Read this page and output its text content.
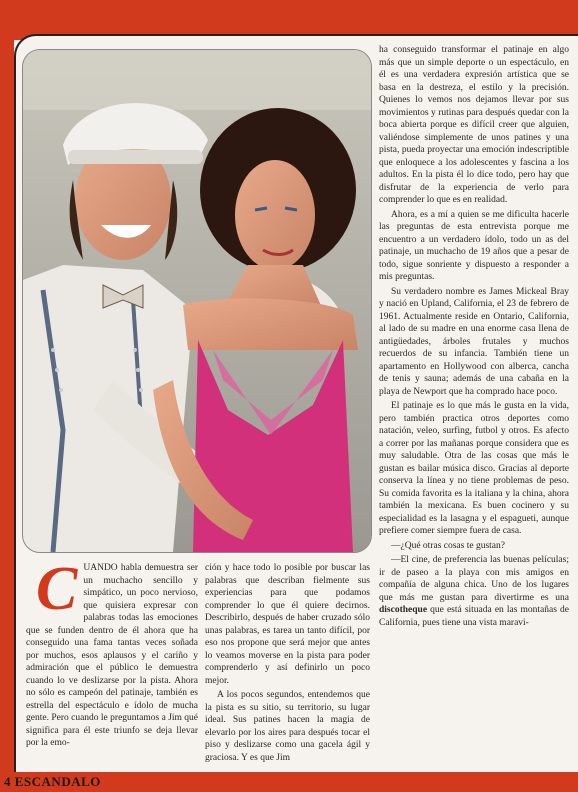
C UANDO habla demuestra ser un muchacho sencillo y simpático, un poco nervioso, que quisiera expresar con palabras todas las emociones que se funden dentro de él ahora que ha conseguido una fama tantas veces soñada por muchos, esos aplausos y el cariño y admiración que el público le demuestra cuando lo ve deslizarse por la pista. Ahora no sólo es campeón del patinaje, también es estrella del espectáculo e ídolo de mucha gente. Pero cuando le preguntamos a Jim qué significa para él este triunfo se deja llevar por la emo-

ción y hace todo lo posible por buscar las palabras que describan fielmente sus experiencias para que podamos comprender lo que él quiere decirnos. Describirlo, después de haber cruzado sólo unas palabras, es tarea un tanto difícil, por eso nos propone que será mejor que antes lo veamos moverse en la pista para poder comprenderlo y así definirlo un poco mejor.

A los pocos segundos, entendemos que la pista es su sitio, su territorio, su lugar ideal. Sus patines hacen la magia de elevarlo por los aires para después tocar el piso y deslizarse como una gacela ágil y graciosa. Y es que Jim

ha conseguido transformar el patinaje en algo más que un simple deporte o un espectáculo, en él es una verdadera expresión artística que se basa en la destreza, el estilo y la precisión. Quienes lo vemos nos dejamos llevar por sus movimientos y rutinas para después quedar con la boca abierta porque es difícil creer que alguien, valiéndose simplemente de unos patines y una pista, pueda proyectar una emoción indescriptible que enloquece a los adolescentes y fascina a los adultos. En la pista él lo dice todo, pero hay que disfrutar de la experiencia de verlo para comprender lo que es en realidad.

Ahora, es a mí a quien se me dificulta hacerle las preguntas de esta entrevista porque me encuentro a un verdadero ídolo, todo un as del patinaje, un muchacho de 19 años que a pesar de todo, sigue sonriente y dispuesto a responder a mis preguntas.

Su verdadero nombre es James Mickeal Bray y nació en Upland, California, el 23 de febrero de 1961. Actualmente reside en Ontario, California, al lado de su madre en una enorme casa llena de antigüedades, árboles frutales y muchos recuerdos de su infancia. También tiene un apartamento en Hollywood con alberca, cancha de tenis y sauna; además de una cabaña en la playa de Newport que ha comprado hace poco.

El patinaje es lo que más le gusta en la vida, pero también practica otros deportes como natación, veleo, surfing, futbol y otros. Es afecto a correr por las mañanas porque considera que es muy saludable. Otra de las cosas que más le gustan es bailar música disco. Gracias al deporte conserva la línea y no tiene problemas de peso. Su comida favorita es la italiana y la china, ahora también la mexicana. Es buen cocinero y su especialidad es la lasagna y el espagueti, aunque prefiere comer siempre fuera de casa.

—¿Qué otras cosas te gustan?

—El cine, de preferencia las buenas películas; ir de paseo a la playa con mis amigos en compañía de alguna chica. Uno de los lugares que más me gustan para divertirme es una discotheque que está situada en las montañas de California, pues tiene una vista maravi-

4 ESCANDALO
